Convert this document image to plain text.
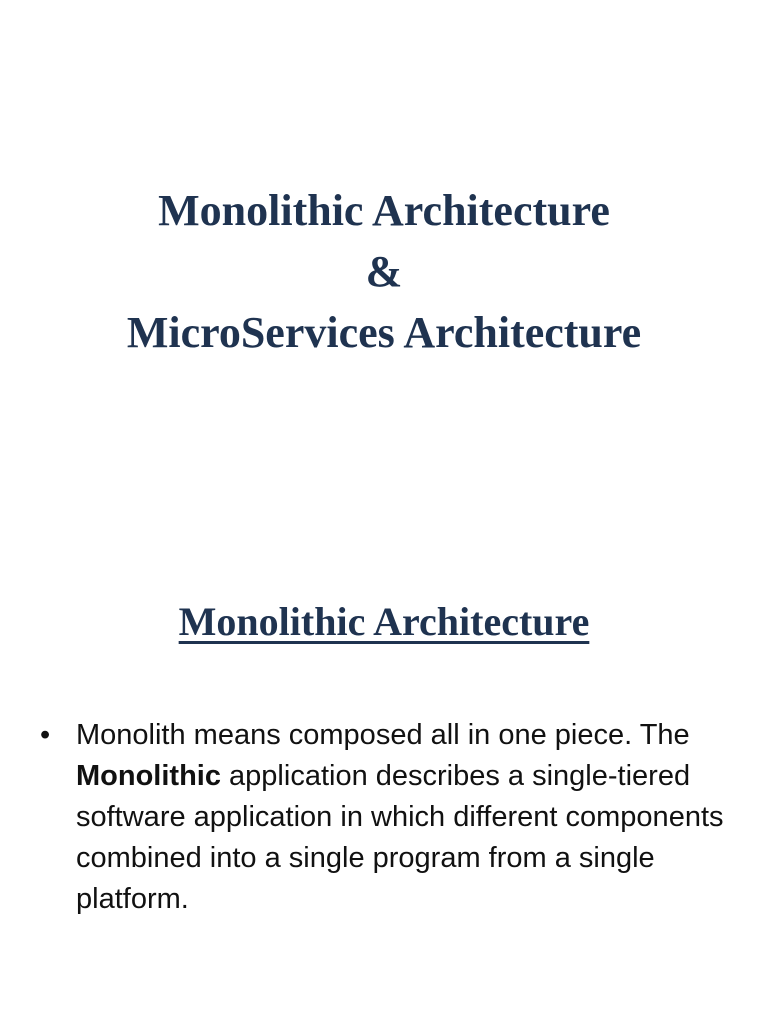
Monolithic Architecture
&
MicroServices Architecture
Monolithic Architecture
• Monolith means composed all in one piece. The Monolithic application describes a single-tiered software application in which different components combined into a single program from a single platform.
